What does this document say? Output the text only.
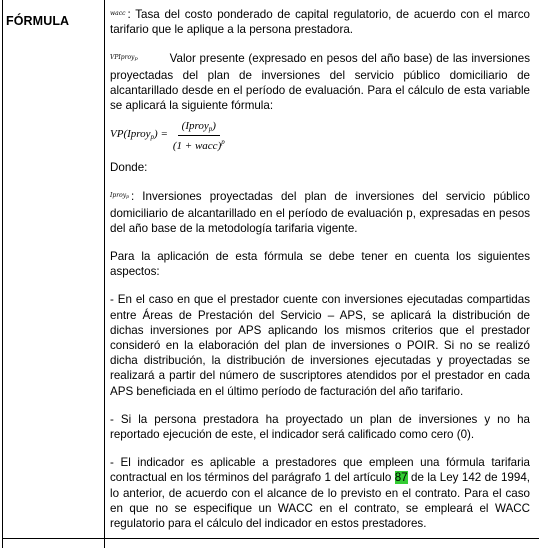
FÓRMULA

$^{wacc}$ : Tasa del costo ponderado de capital regulatorio, de acuerdo con el marco tarifario que le aplique a la persona prestadora.

$^{VPIproyp}$	Valor presente (expresado en pesos del año base) de las inversiones proyectadas del plan de inversiones del servicio público domiciliario de alcantarillado desde en el período de evaluación. Para el cálculo de esta variable se aplicará la siguiente fórmula:

VP(Iproyp) = $\frac{\text{(Iproyp)}}{(1 + wacc)^p}$

Donde:

$^{Iproyp}$ : Inversiones proyectadas del plan de inversiones del servicio público domiciliario de alcantarillado en el período de evaluación p, expresadas en pesos del año base de la metodología tarifaria vigente.

Para la aplicación de esta fórmula se debe tener en cuenta los siguientes aspectos:

- En el caso en que el prestador cuente con inversiones ejecutadas compartidas entre Áreas de Prestación del Servicio – APS, se aplicará la distribución de dichas inversiones por APS aplicando los mismos criterios que el prestador consideró en la elaboración del plan de inversiones o POIR. Si no se realizó dicha distribución, la distribución de inversiones ejecutadas y proyectadas se realizará a partir del número de suscriptores atendidos por el prestador en cada APS beneficiada en el último período de facturación del año tarifario.

- Si la persona prestadora ha proyectado un plan de inversiones y no ha reportado ejecución de este, el indicador será calificado como cero (0).

- El indicador es aplicable a prestadores que empleen una fórmula tarifaria contractual en los términos del parágrafo 1 del artículo 87 de la Ley 142 de 1994, lo anterior, de acuerdo con el alcance de lo previsto en el contrato. Para el caso en que no se especifique un WACC en el contrato, se empleará el WACC regulatorio para el cálculo del indicador en estos prestadores.
